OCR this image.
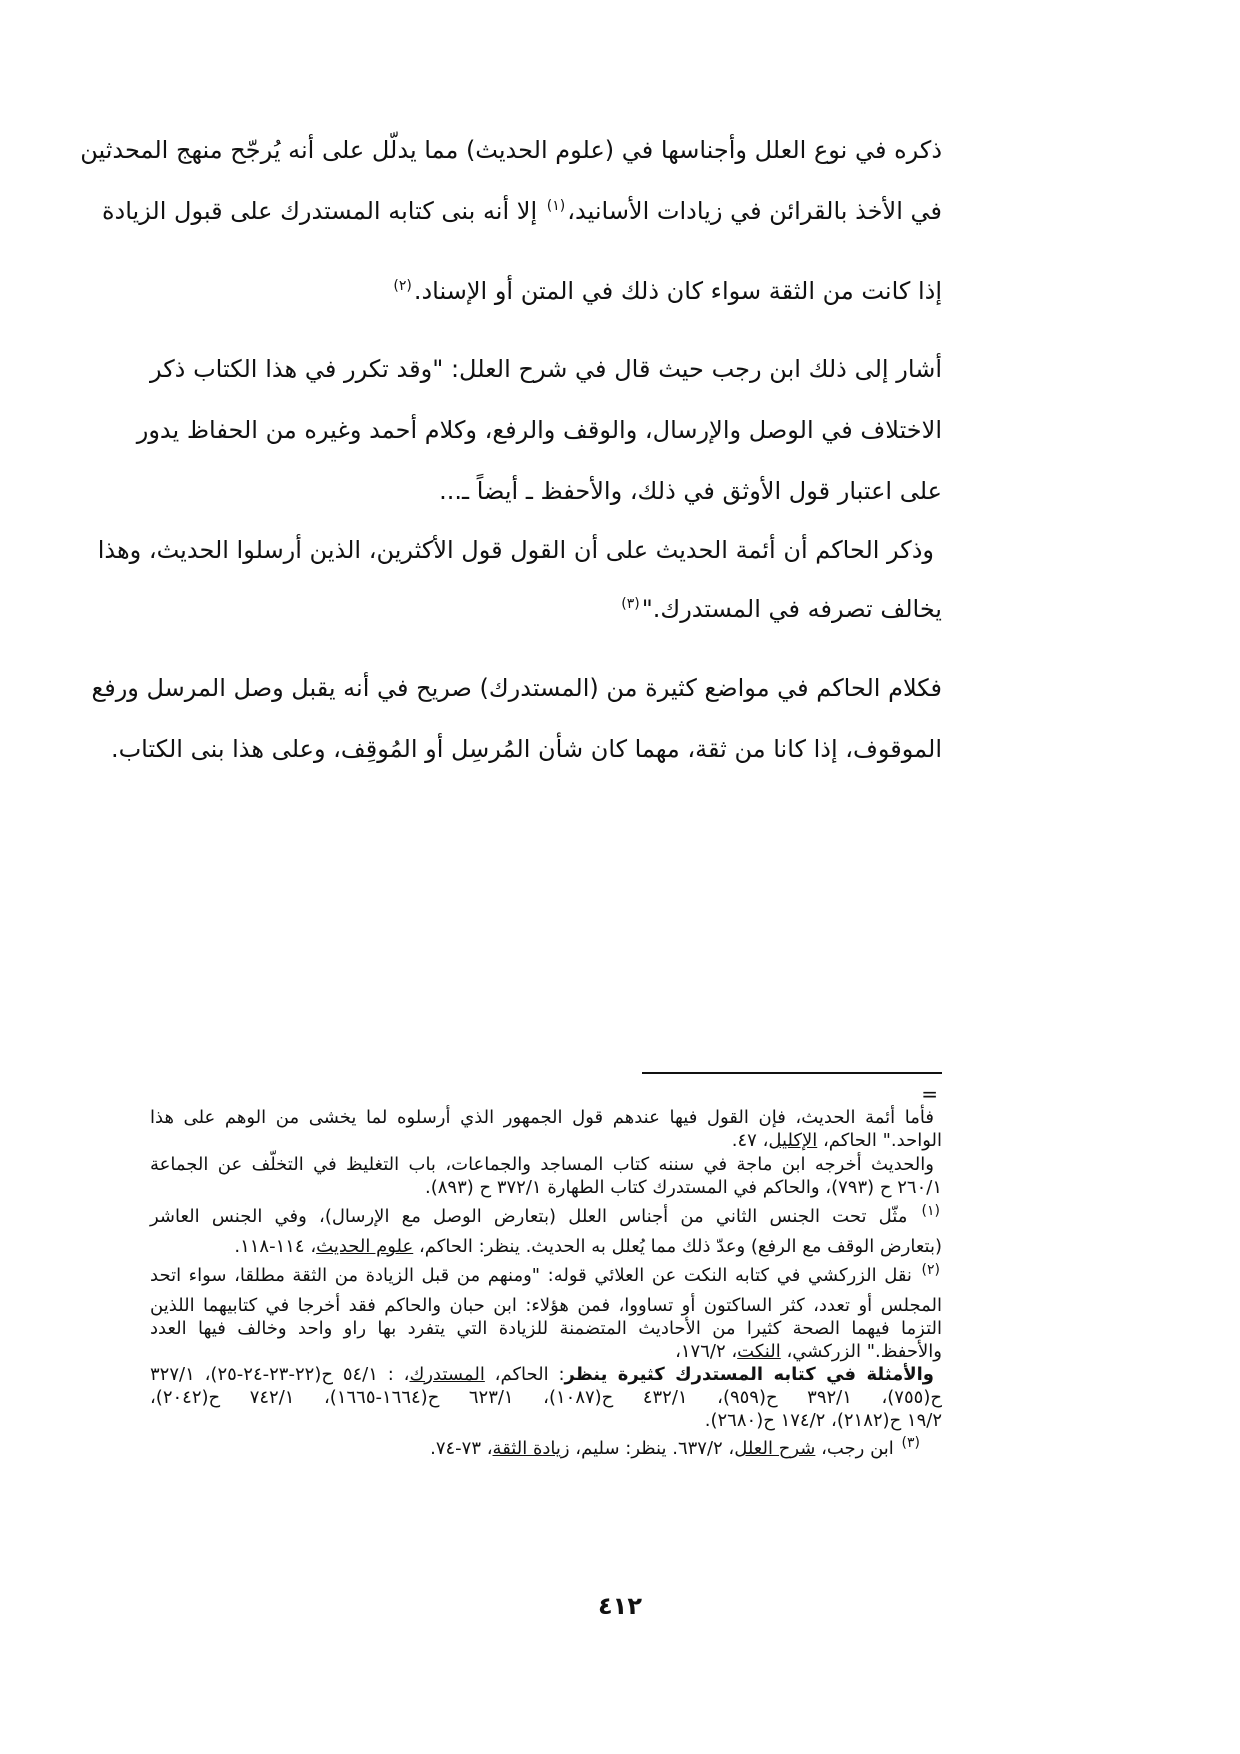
ذكره في نوع العلل وأجناسها في (علوم الحديث) مما يدلّل على أنه يُرجّح منهج المحدثين
في الأخذ بالقرائن في زيادات الأسانيد،$^{(١)}$ إلا أنه بنى كتابه المستدرك على قبول الزيادة
إذا كانت من الثقة سواء كان ذلك في المتن أو الإسناد.$^{(٢)}$
أشار إلى ذلك ابن رجب حيث قال في شرح العلل: "وقد تكرر في هذا الكتاب ذكر
الاختلاف في الوصل والإرسال، والوقف والرفع، وكلام أحمد وغيره من الحفاظ يدور
على اعتبار قول الأوثق في ذلك، والأحفظ ـ أيضاً ـ...
وذكر الحاكم أن أئمة الحديث على أن القول قول الأكثرين، الذين أرسلوا الحديث، وهذا
يخالف تصرفه في المستدرك."$^{(٣)}$
فكلام الحاكم في مواضع كثيرة من (المستدرك) صريح في أنه يقبل وصل المرسل ورفع
الموقوف، إذا كانا من ثقة، مهما كان شأن المُرسِل أو المُوقِف، وعلى هذا بنى الكتاب.
=
فأما أئمة الحديث، فإن القول فيها عندهم قول الجمهور الذي أرسلوه لما يخشى من الوهم على هذا
الواحد." الحاكم، الإكليل، ٤٧.
والحديث أخرجه ابن ماجة في سننه كتاب المساجد والجماعات، باب التغليظ في التخلّف عن الجماعة
٢٦٠/١ ح (٧٩٣)، والحاكم في المستدرك كتاب الطهارة ٣٧٢/١ ح (٨٩٣).
$^{(١)}$ مثّل تحت الجنس الثاني من أجناس العلل (بتعارض الوصل مع الإرسال)، وفي الجنس العاشر
(بتعارض الوقف مع الرفع) وعدّ ذلك مما يُعلل به الحديث. ينظر: الحاكم، علوم الحديث، ١١٤-١١٨.
$^{(٢)}$ نقل الزركشي في كتابه النكت عن العلائي قوله: "ومنهم من قبل الزيادة من الثقة مطلقا، سواء اتحد
المجلس أو تعدد، كثر الساكتون أو تساووا، فمن هؤلاء: ابن حبان والحاكم فقد أخرجا في كتابيهما اللذين
التزما فيهما الصحة كثيرا من الأحاديث المتضمنة للزيادة التي يتفرد بها راو واحد وخالف فيها العدد
والأحفظ." الزركشي، النكت، ١٧٦/٢،
والأمثلة في كتابه المستدرك كثيرة ينظر: الحاكم، المستدرك، : ٥٤/١ ح(٢٢-٢٣-٢٤-٢٥)، ٣٢٧/١
ح(٧٥٥)، ٣٩٢/١ ح(٩٥٩)، ٤٣٢/١ ح(١٠٨٧)، ٦٢٣/١ ح(١٦٦٤-١٦٦٥)، ٧٤٢/١ ح(٢٠٤٢)،
١٩/٢ ح(٢١٨٢)، ١٧٤/٢ ح(٢٦٨٠).
$^{(٣)}$ ابن رجب، شرح العلل، ٦٣٧/٢. ينظر: سليم، زيادة الثقة، ٧٣-٧٤.
٤١٢
